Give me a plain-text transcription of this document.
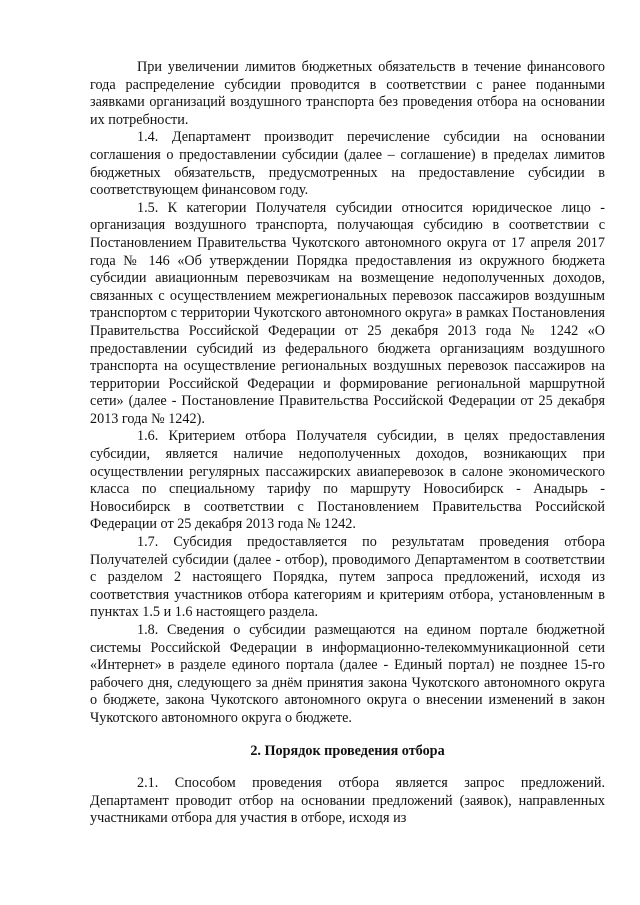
При увеличении лимитов бюджетных обязательств в течение финансового года распределение субсидии проводится в соответствии с ранее поданными заявками организаций воздушного транспорта без проведения отбора на основании их потребности.

1.4. Департамент производит перечисление субсидии на основании соглашения о предоставлении субсидии (далее – соглашение) в пределах лимитов бюджетных обязательств, предусмотренных на предоставление субсидии в соответствующем финансовом году.

1.5. К категории Получателя субсидии относится юридическое лицо - организация воздушного транспорта, получающая субсидию в соответствии с Постановлением Правительства Чукотского автономного округа от 17 апреля 2017 года № 146 «Об утверждении Порядка предоставления из окружного бюджета субсидии авиационным перевозчикам на возмещение недополученных доходов, связанных с осуществлением межрегиональных перевозок пассажиров воздушным транспортом с территории Чукотского автономного округа» в рамках Постановления Правительства Российской Федерации от 25 декабря 2013 года № 1242 «О предоставлении субсидий из федерального бюджета организациям воздушного транспорта на осуществление региональных воздушных перевозок пассажиров на территории Российской Федерации и формирование региональной маршрутной сети» (далее - Постановление Правительства Российской Федерации от 25 декабря 2013 года № 1242).

1.6. Критерием отбора Получателя субсидии, в целях предоставления субсидии, является наличие недополученных доходов, возникающих при осуществлении регулярных пассажирских авиаперевозок в салоне экономического класса по специальному тарифу по маршруту Новосибирск - Анадырь - Новосибирск в соответствии с Постановлением Правительства Российской Федерации от 25 декабря 2013 года № 1242.

1.7. Субсидия предоставляется по результатам проведения отбора Получателей субсидии (далее - отбор), проводимого Департаментом в соответствии с разделом 2 настоящего Порядка, путем запроса предложений, исходя из соответствия участников отбора категориям и критериям отбора, установленным в пунктах 1.5 и 1.6 настоящего раздела.

1.8. Сведения о субсидии размещаются на едином портале бюджетной системы Российской Федерации в информационно-телекоммуникационной сети «Интернет» в разделе единого портала (далее - Единый портал) не позднее 15-го рабочего дня, следующего за днём принятия закона Чукотского автономного округа о бюджете, закона Чукотского автономного округа о внесении изменений в закон Чукотского автономного округа о бюджете.

2. Порядок проведения отбора

2.1. Способом проведения отбора является запрос предложений. Департамент проводит отбор на основании предложений (заявок), направленных участниками отбора для участия в отборе, исходя из
